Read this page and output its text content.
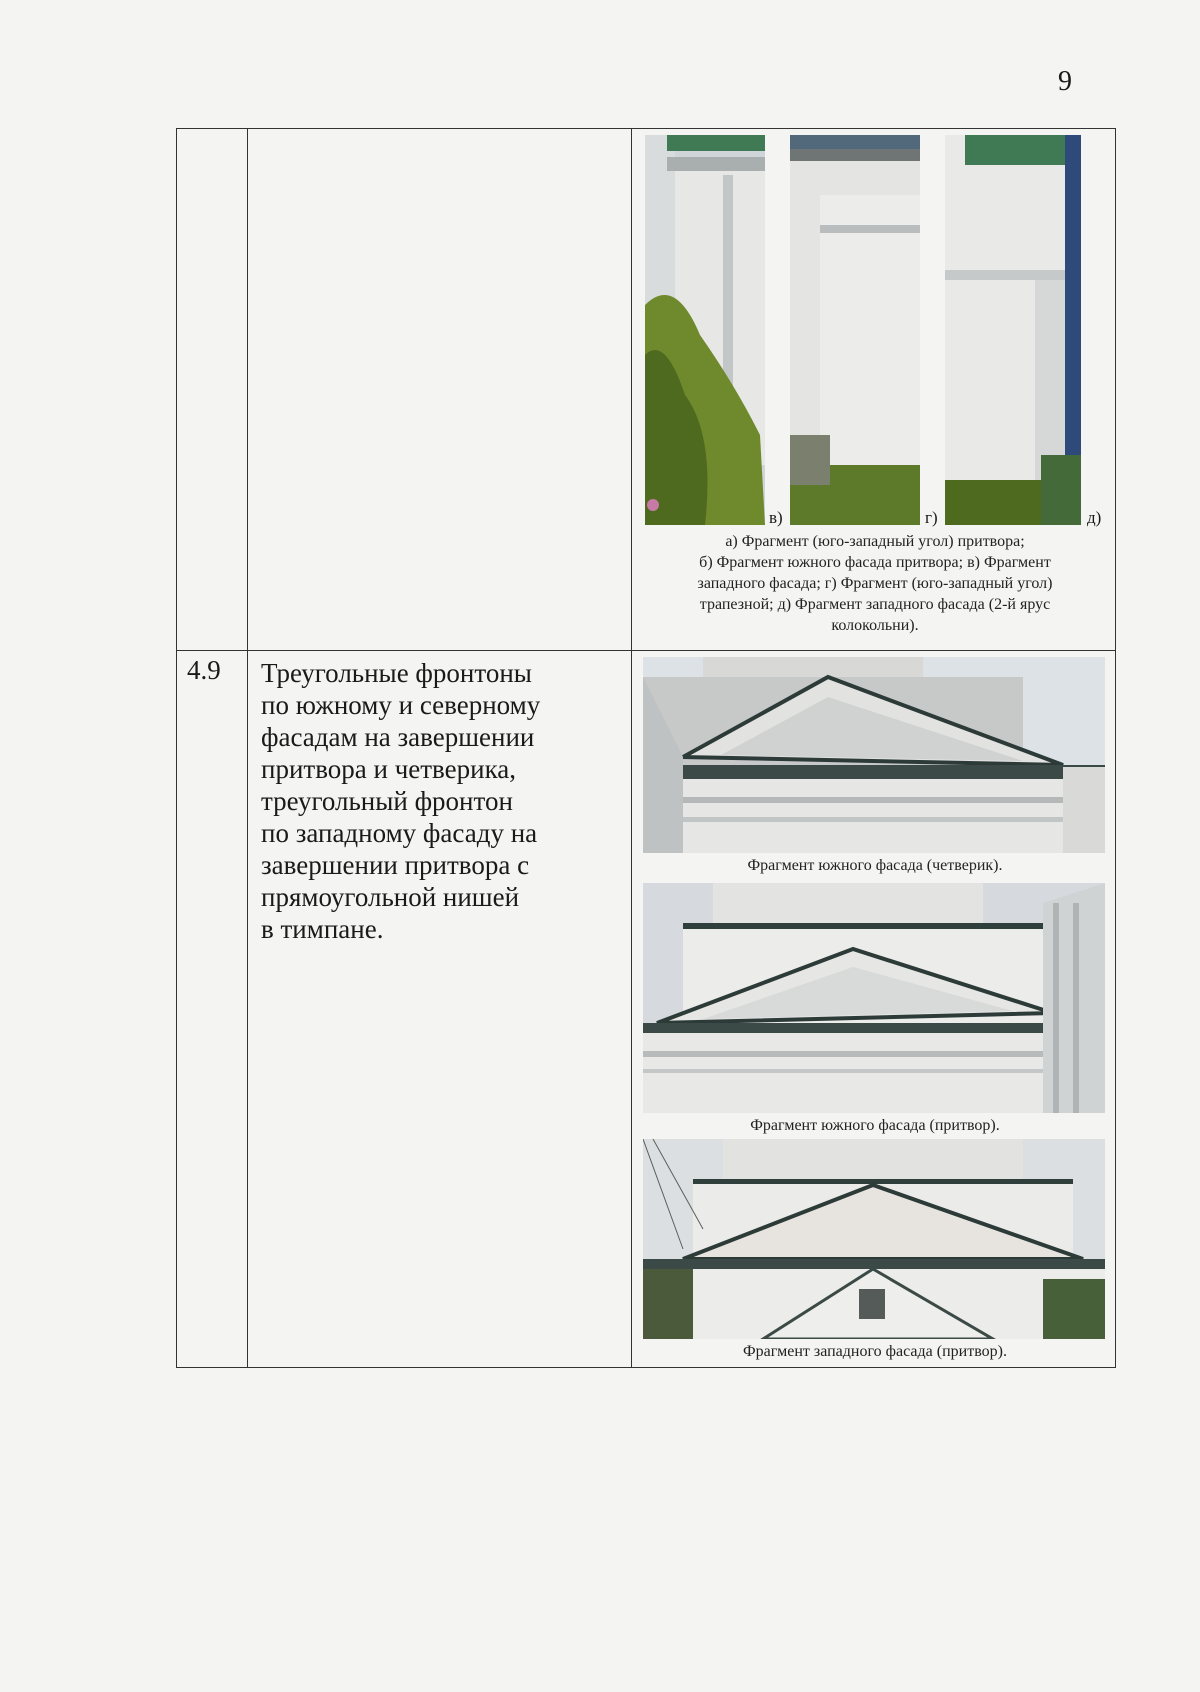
9
в)	г)	д)
а) Фрагмент (юго-западный угол) притвора;
б) Фрагмент южного фасада притвора; в) Фрагмент
западного фасада; г) Фрагмент (юго-западный угол)
трапезной; д) Фрагмент западного фасада (2-й ярус
колокольни).
4.9 Треугольные фронтоны
по южному и северному
фасадам на завершении
притвора и четверика,
треугольный фронтон
по западному фасаду на
завершении притвора с
прямоугольной нишей
в тимпане.
Фрагмент южного фасада (четверик).
Фрагмент южного фасада (притвор).
Фрагмент западного фасада (притвор).
